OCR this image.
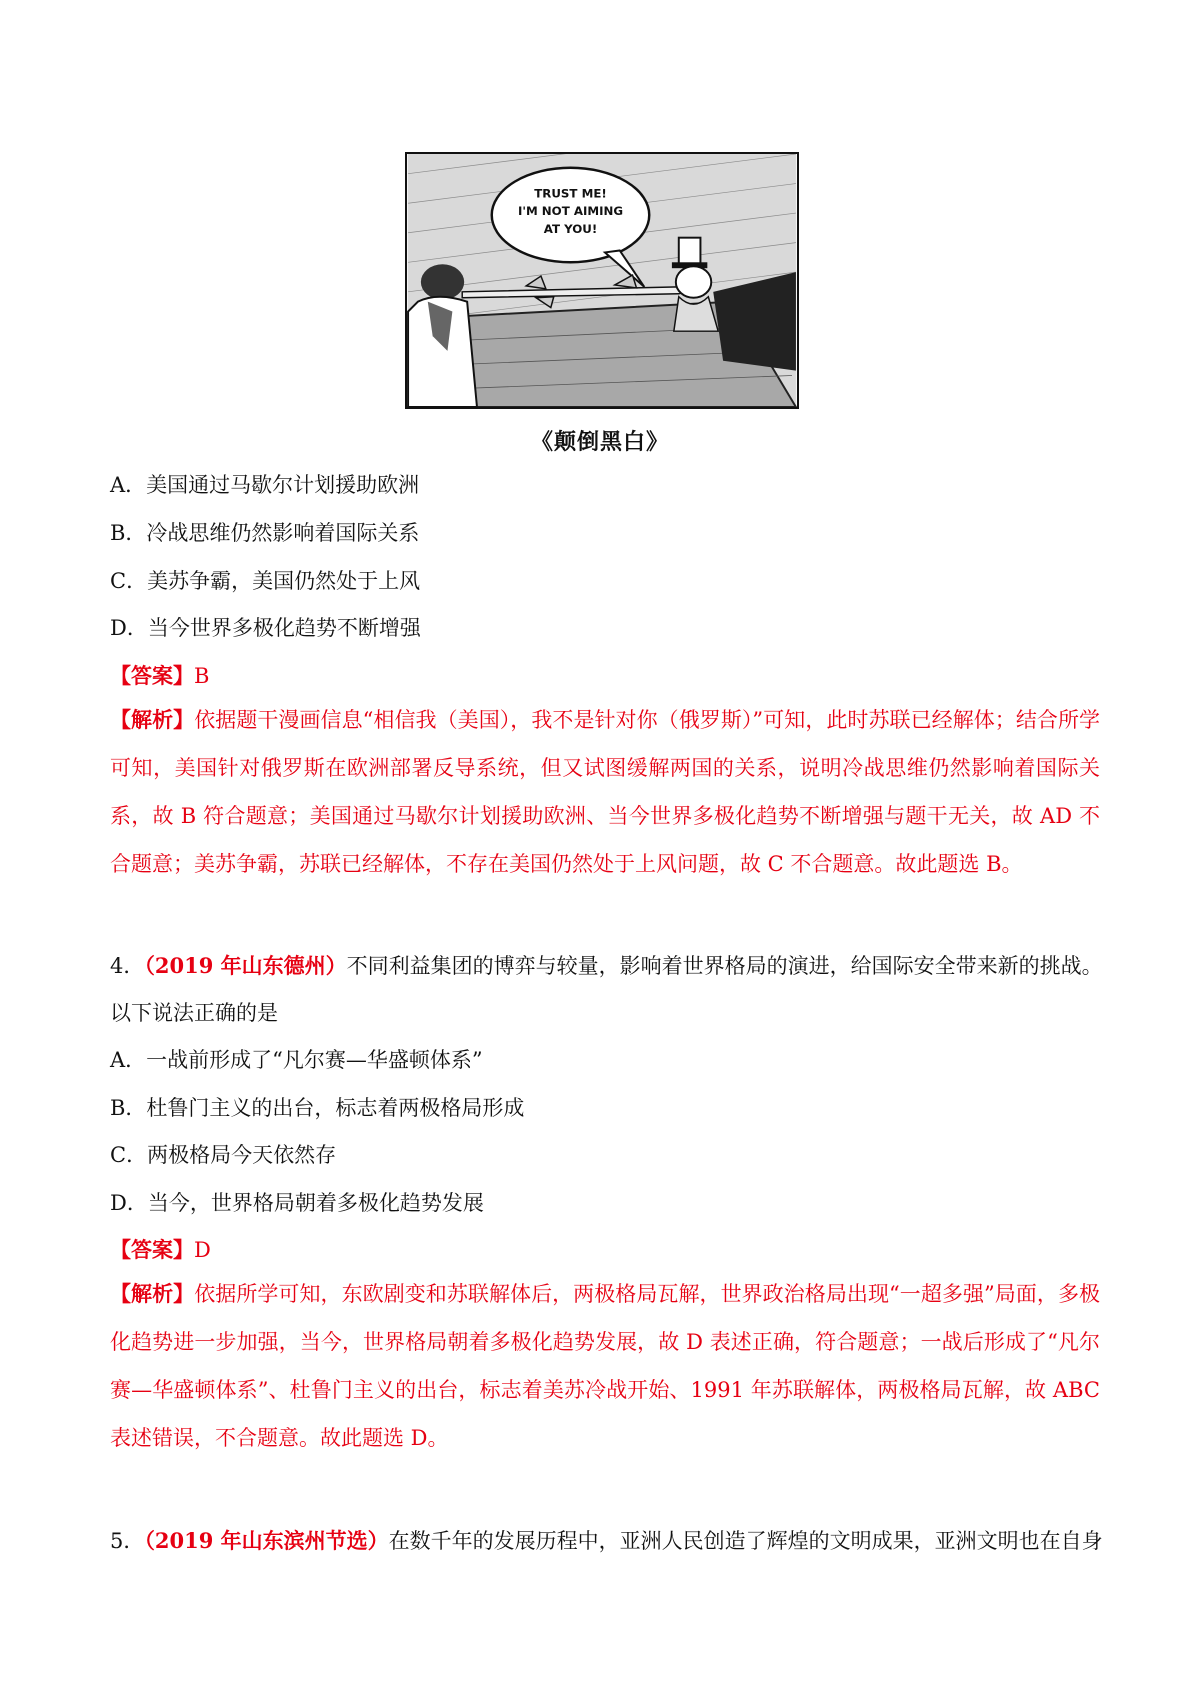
TRUST ME!
I'M NOT AIMING
AT YOU!
《颠倒黑白》
A．美国通过马歇尔计划援助欧洲
B．冷战思维仍然影响着国际关系
C．美苏争霸，美国仍然处于上风
D．当今世界多极化趋势不断增强
【答案】B
【解析】依据题干漫画信息“相信我（美国），我不是针对你（俄罗斯）”可知，此时苏联已经解体；结合所学可知，美国针对俄罗斯在欧洲部署反导系统，但又试图缓解两国的关系，说明冷战思维仍然影响着国际关系，故 B 符合题意；美国通过马歇尔计划援助欧洲、当今世界多极化趋势不断增强与题干无关，故 AD 不合题意；美苏争霸，苏联已经解体，不存在美国仍然处于上风问题，故 C 不合题意。故此题选 B。
4．（2019 年山东德州）不同利益集团的博弈与较量，影响着世界格局的演进，给国际安全带来新的挑战。
以下说法正确的是
A．一战前形成了“凡尔赛—华盛顿体系”
B．杜鲁门主义的出台，标志着两极格局形成
C．两极格局今天依然存
D．当今，世界格局朝着多极化趋势发展
【答案】D
【解析】依据所学可知，东欧剧变和苏联解体后，两极格局瓦解，世界政治格局出现“一超多强”局面，多极化趋势进一步加强，当今，世界格局朝着多极化趋势发展，故 D 表述正确，符合题意；一战后形成了“凡尔赛—华盛顿体系”、杜鲁门主义的出台，标志着美苏冷战开始、1991 年苏联解体，两极格局瓦解，故 ABC 表述错误，不合题意。故此题选 D。
5．（2019 年山东滨州节选）在数千年的发展历程中，亚洲人民创造了辉煌的文明成果，亚洲文明也在自身
